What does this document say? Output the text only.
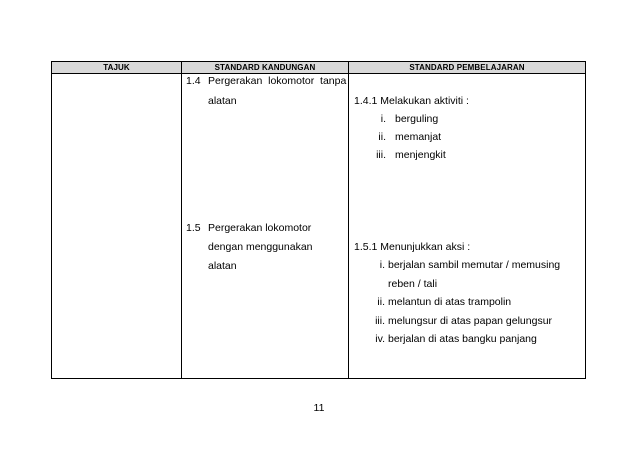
TAJUK	STANDARD KANDUNGAN	STANDARD PEMBELAJARAN
1.4 Pergerakan  lokomotor  tanpa
alatan
1.5 Pergerakan lokomotor
dengan menggunakan
alatan
1.4.1 Melakukan aktiviti :
i. berguling
ii. memanjat
iii. menjengkit
1.5.1 Menunjukkan aksi :
i. berjalan sambil memutar / memusing
reben / tali
ii. melantun di atas trampolin
iii. melungsur di atas papan gelungsur
iv. berjalan di atas bangku panjang
11
